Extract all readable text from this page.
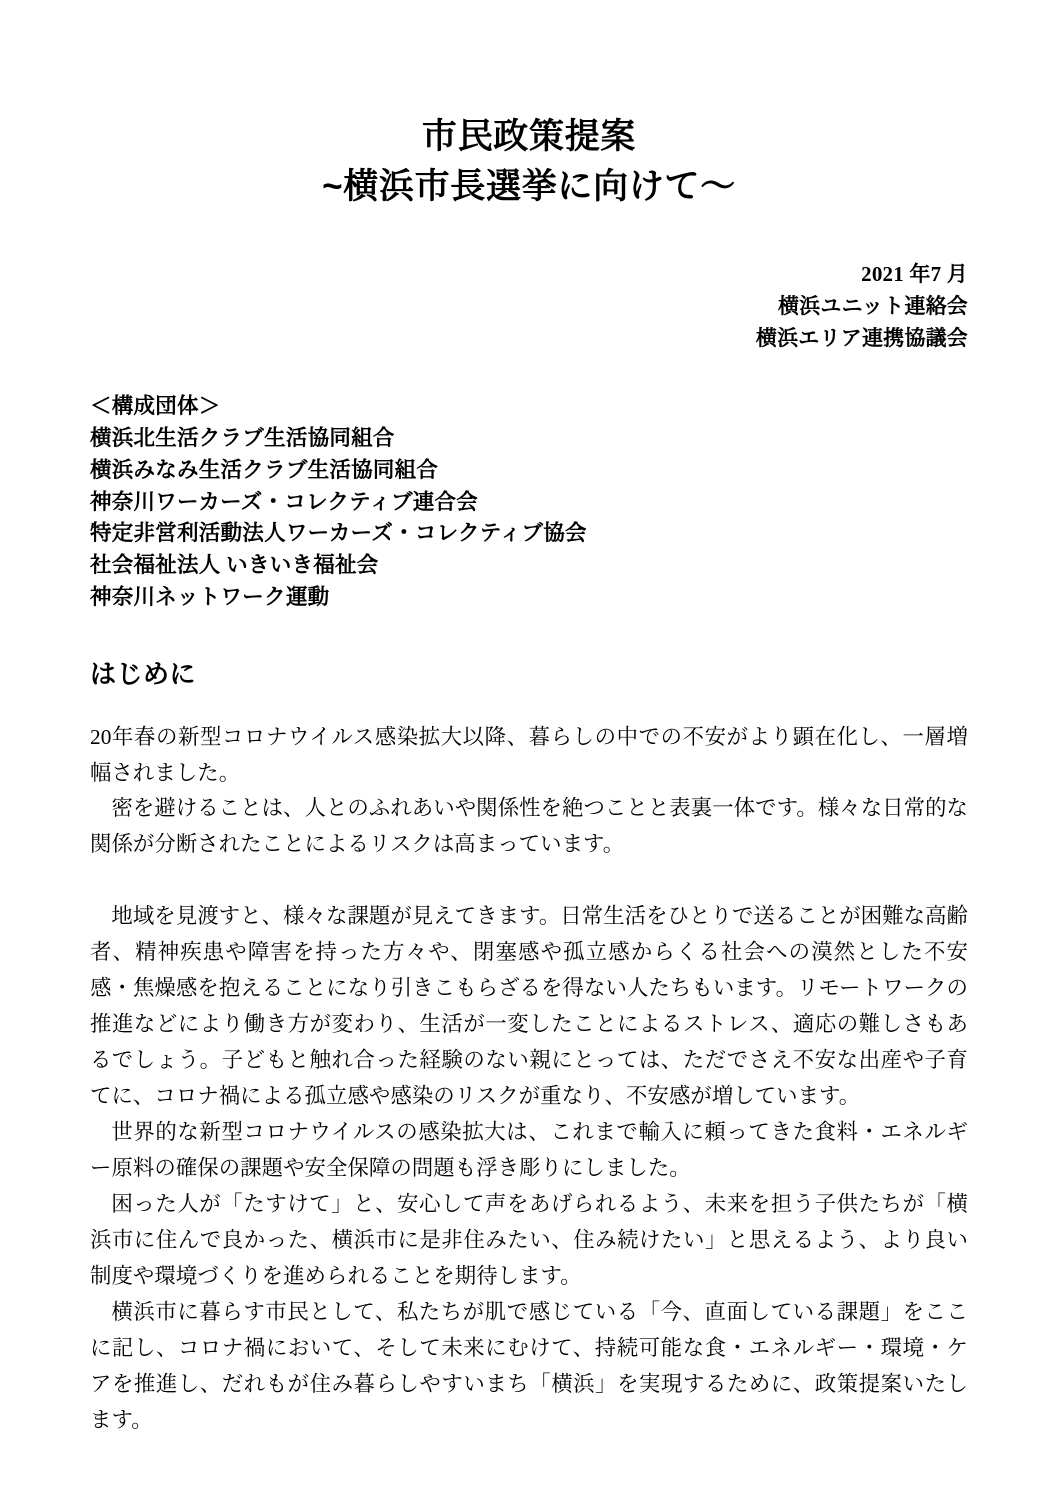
市民政策提案
~横浜市長選挙に向けて～
2021 年7 月
横浜ユニット連絡会
横浜エリア連携協議会
＜構成団体＞
横浜北生活クラブ生活協同組合
横浜みなみ生活クラブ生活協同組合
神奈川ワーカーズ・コレクティブ連合会
特定非営利活動法人ワーカーズ・コレクティブ協会
社会福祉法人 いきいき福祉会
神奈川ネットワーク運動
はじめに

20年春の新型コロナウイルス感染拡大以降、暮らしの中での不安がより顕在化し、一層増幅されました。

密を避けることは、人とのふれあいや関係性を絶つことと表裏一体です。様々な日常的な関係が分断されたことによるリスクは高まっています。

地域を見渡すと、様々な課題が見えてきます。日常生活をひとりで送ることが困難な高齢者、精神疾患や障害を持った方々や、閉塞感や孤立感からくる社会への漠然とした不安感・焦燥感を抱えることになり引きこもらざるを得ない人たちもいます。リモートワークの推進などにより働き方が変わり、生活が一変したことによるストレス、適応の難しさもあるでしょう。子どもと触れ合った経験のない親にとっては、ただでさえ不安な出産や子育てに、コロナ禍による孤立感や感染のリスクが重なり、不安感が増しています。

世界的な新型コロナウイルスの感染拡大は、これまで輸入に頼ってきた食料・エネルギー原料の確保の課題や安全保障の問題も浮き彫りにしました。

困った人が「たすけて」と、安心して声をあげられるよう、未来を担う子供たちが「横浜市に住んで良かった、横浜市に是非住みたい、住み続けたい」と思えるよう、より良い制度や環境づくりを進められることを期待します。

横浜市に暮らす市民として、私たちが肌で感じている「今、直面している課題」をここに記し、コロナ禍において、そして未来にむけて、持続可能な食・エネルギー・環境・ケアを推進し、だれもが住み暮らしやすいまち「横浜」を実現するために、政策提案いたします。
